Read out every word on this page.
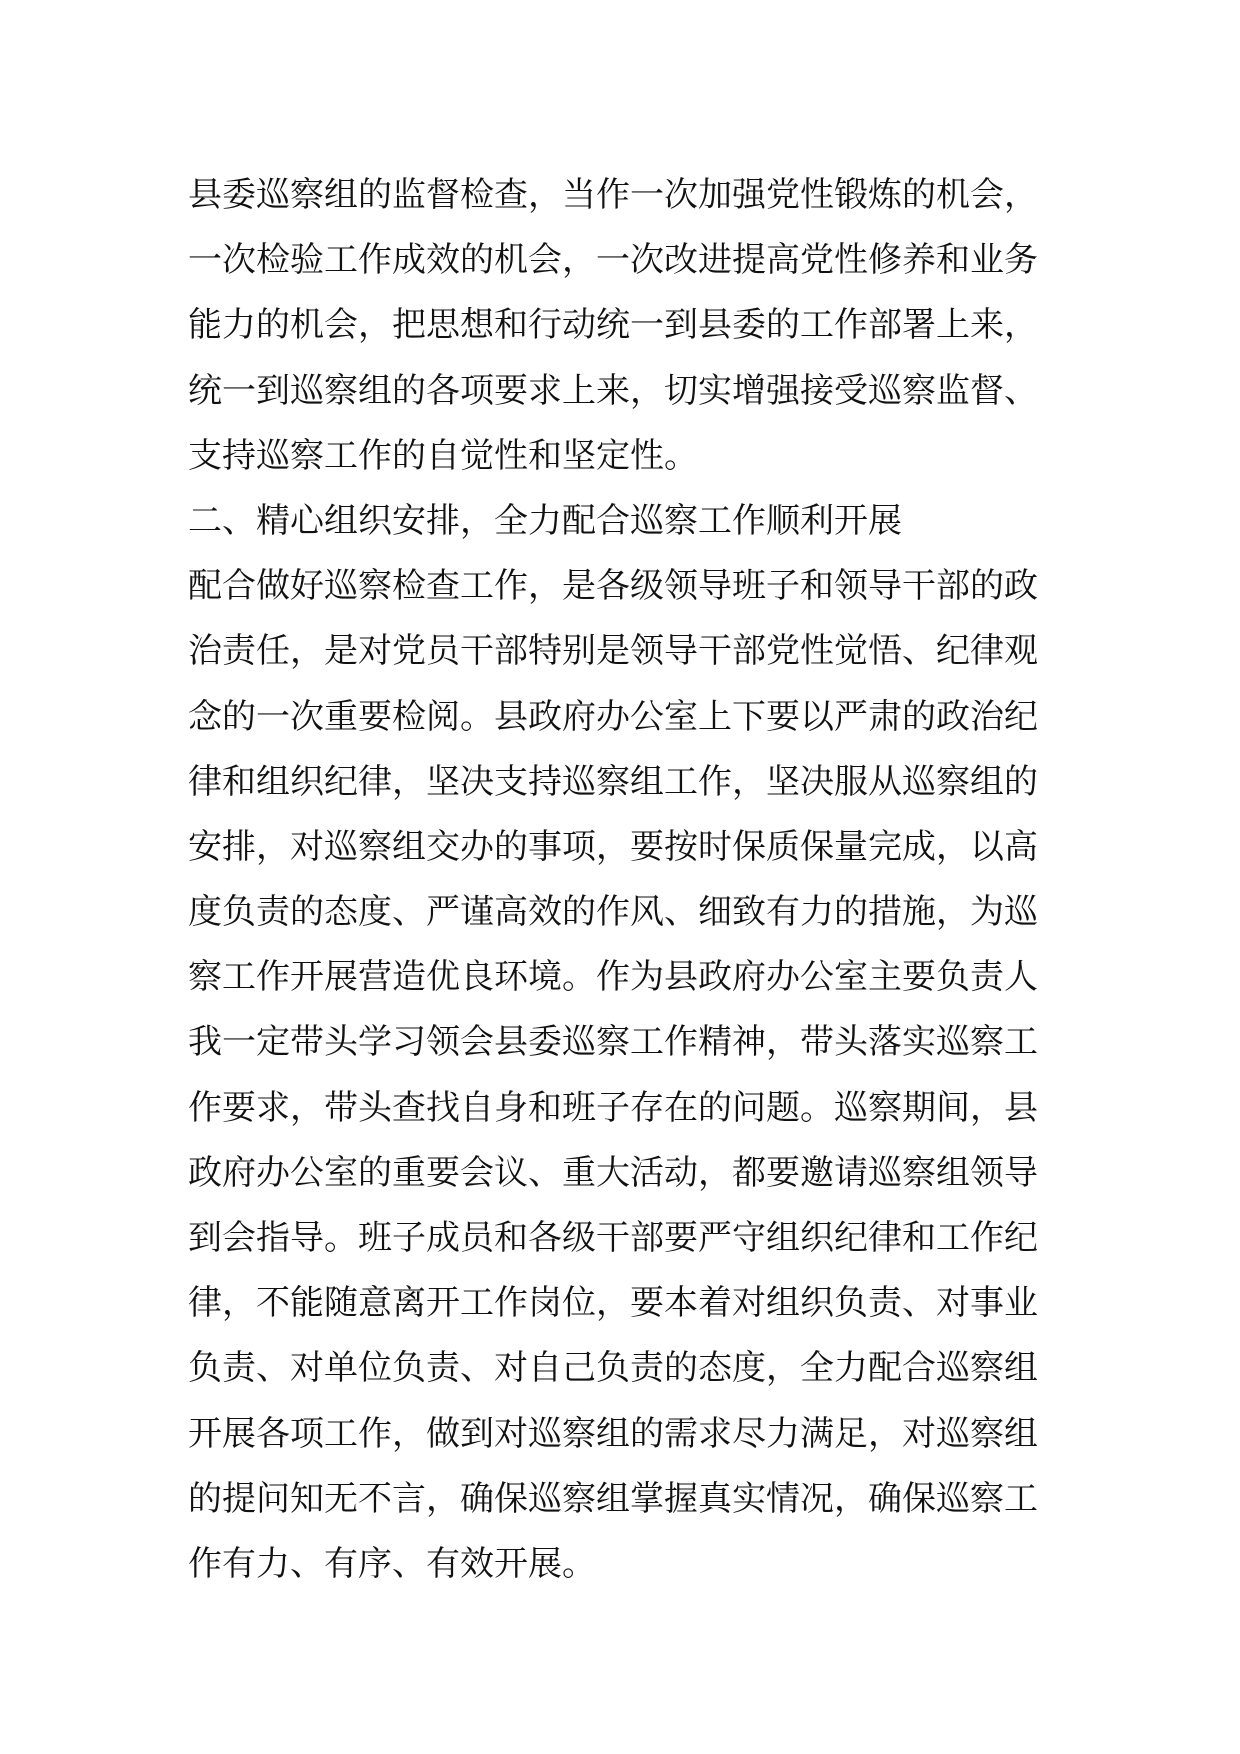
县委巡察组的监督检查，当作一次加强党性锻炼的机会，
一次检验工作成效的机会，一次改进提高党性修养和业务
能力的机会，把思想和行动统一到县委的工作部署上来，
统一到巡察组的各项要求上来，切实增强接受巡察监督、
支持巡察工作的自觉性和坚定性。
二、精心组织安排，全力配合巡察工作顺利开展
配合做好巡察检查工作，是各级领导班子和领导干部的政
治责任，是对党员干部特别是领导干部党性觉悟、纪律观
念的一次重要检阅。县政府办公室上下要以严肃的政治纪
律和组织纪律，坚决支持巡察组工作，坚决服从巡察组的
安排，对巡察组交办的事项，要按时保质保量完成，以高
度负责的态度、严谨高效的作风、细致有力的措施，为巡
察工作开展营造优良环境。作为县政府办公室主要负责人
我一定带头学习领会县委巡察工作精神，带头落实巡察工
作要求，带头查找自身和班子存在的问题。巡察期间，县
政府办公室的重要会议、重大活动，都要邀请巡察组领导
到会指导。班子成员和各级干部要严守组织纪律和工作纪
律，不能随意离开工作岗位，要本着对组织负责、对事业
负责、对单位负责、对自己负责的态度，全力配合巡察组
开展各项工作，做到对巡察组的需求尽力满足，对巡察组
的提问知无不言，确保巡察组掌握真实情况，确保巡察工
作有力、有序、有效开展。
